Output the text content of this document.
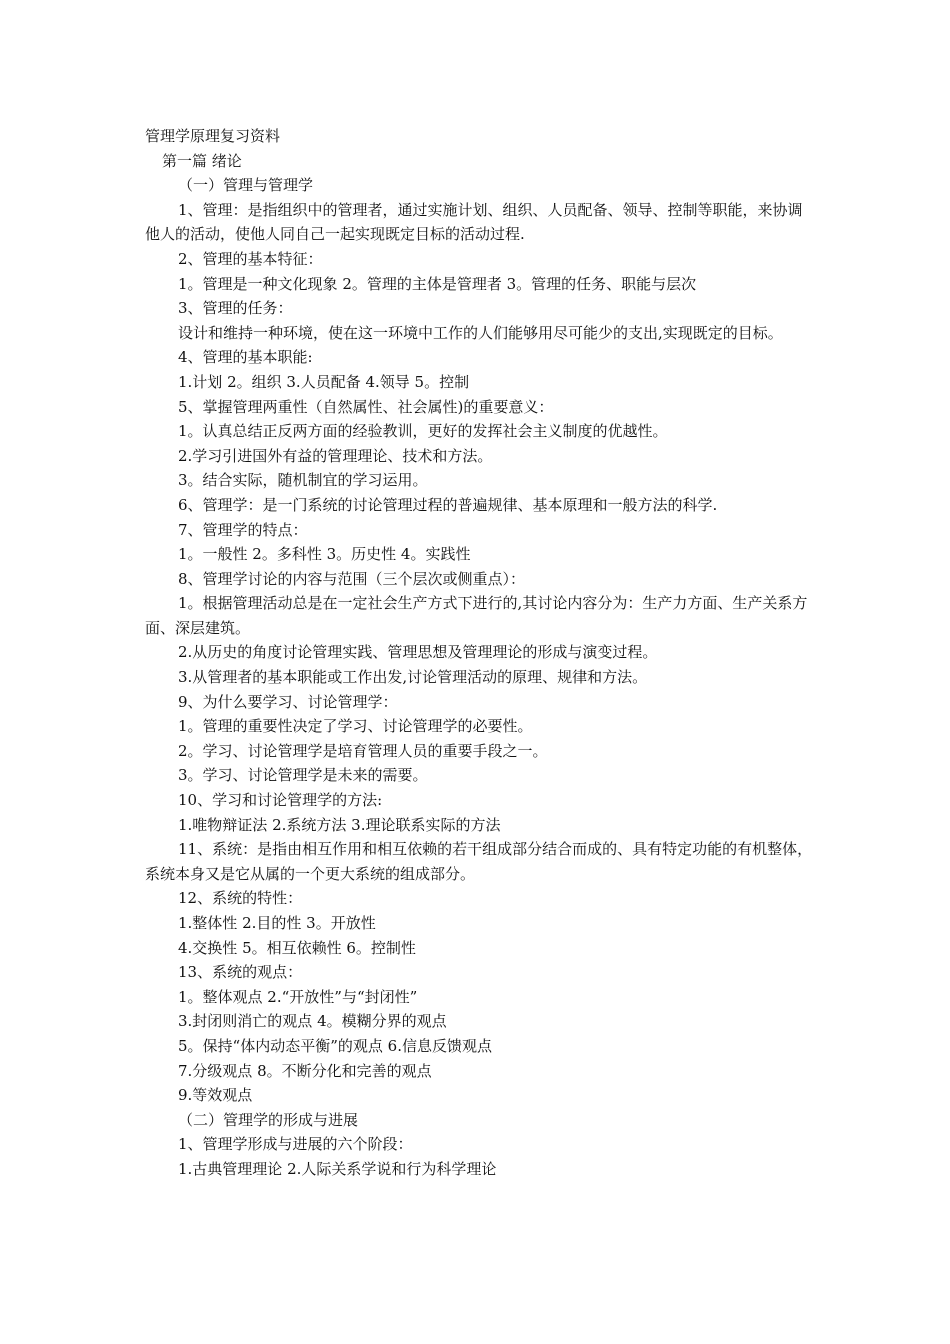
管理学原理复习资料

第一篇 绪论

（一）管理与管理学

1、管理：是指组织中的管理者，通过实施计划、组织、人员配备、领导、控制等职能，来协调他人的活动，使他人同自己一起实现既定目标的活动过程.

2、管理的基本特征：

1。管理是一种文化现象 2。管理的主体是管理者 3。管理的任务、职能与层次

3、管理的任务：

设计和维持一种环境，使在这一环境中工作的人们能够用尽可能少的支出,实现既定的目标。

4、管理的基本职能:

1.计划 2。组织 3.人员配备 4.领导 5。控制

5、掌握管理两重性（自然属性、社会属性)的重要意义：

1。认真总结正反两方面的经验教训，更好的发挥社会主义制度的优越性。

2.学习引进国外有益的管理理论、技术和方法。

3。结合实际，随机制宜的学习运用。

6、管理学：是一门系统的讨论管理过程的普遍规律、基本原理和一般方法的科学.

7、管理学的特点：

1。一般性 2。多科性 3。历史性 4。实践性

8、管理学讨论的内容与范围（三个层次或侧重点）：

1。根据管理活动总是在一定社会生产方式下进行的,其讨论内容分为：生产力方面、生产关系方面、深层建筑。

2.从历史的角度讨论管理实践、管理思想及管理理论的形成与演变过程。

3.从管理者的基本职能或工作出发,讨论管理活动的原理、规律和方法。

9、为什么要学习、讨论管理学：

1。管理的重要性决定了学习、讨论管理学的必要性。

2。学习、讨论管理学是培育管理人员的重要手段之一。

3。学习、讨论管理学是未来的需要。

10、学习和讨论管理学的方法:

1.唯物辩证法 2.系统方法 3.理论联系实际的方法

11、系统：是指由相互作用和相互依赖的若干组成部分结合而成的、具有特定功能的有机整体，系统本身又是它从属的一个更大系统的组成部分。

12、系统的特性：

1.整体性 2.目的性 3。开放性

4.交换性 5。相互依赖性 6。控制性

13、系统的观点：

1。整体观点 2.“开放性”与“封闭性”

3.封闭则消亡的观点 4。模糊分界的观点

5。保持“体内动态平衡”的观点 6.信息反馈观点

7.分级观点 8。不断分化和完善的观点

9.等效观点

（二）管理学的形成与进展

1、管理学形成与进展的六个阶段：

1.古典管理理论 2.人际关系学说和行为科学理论
